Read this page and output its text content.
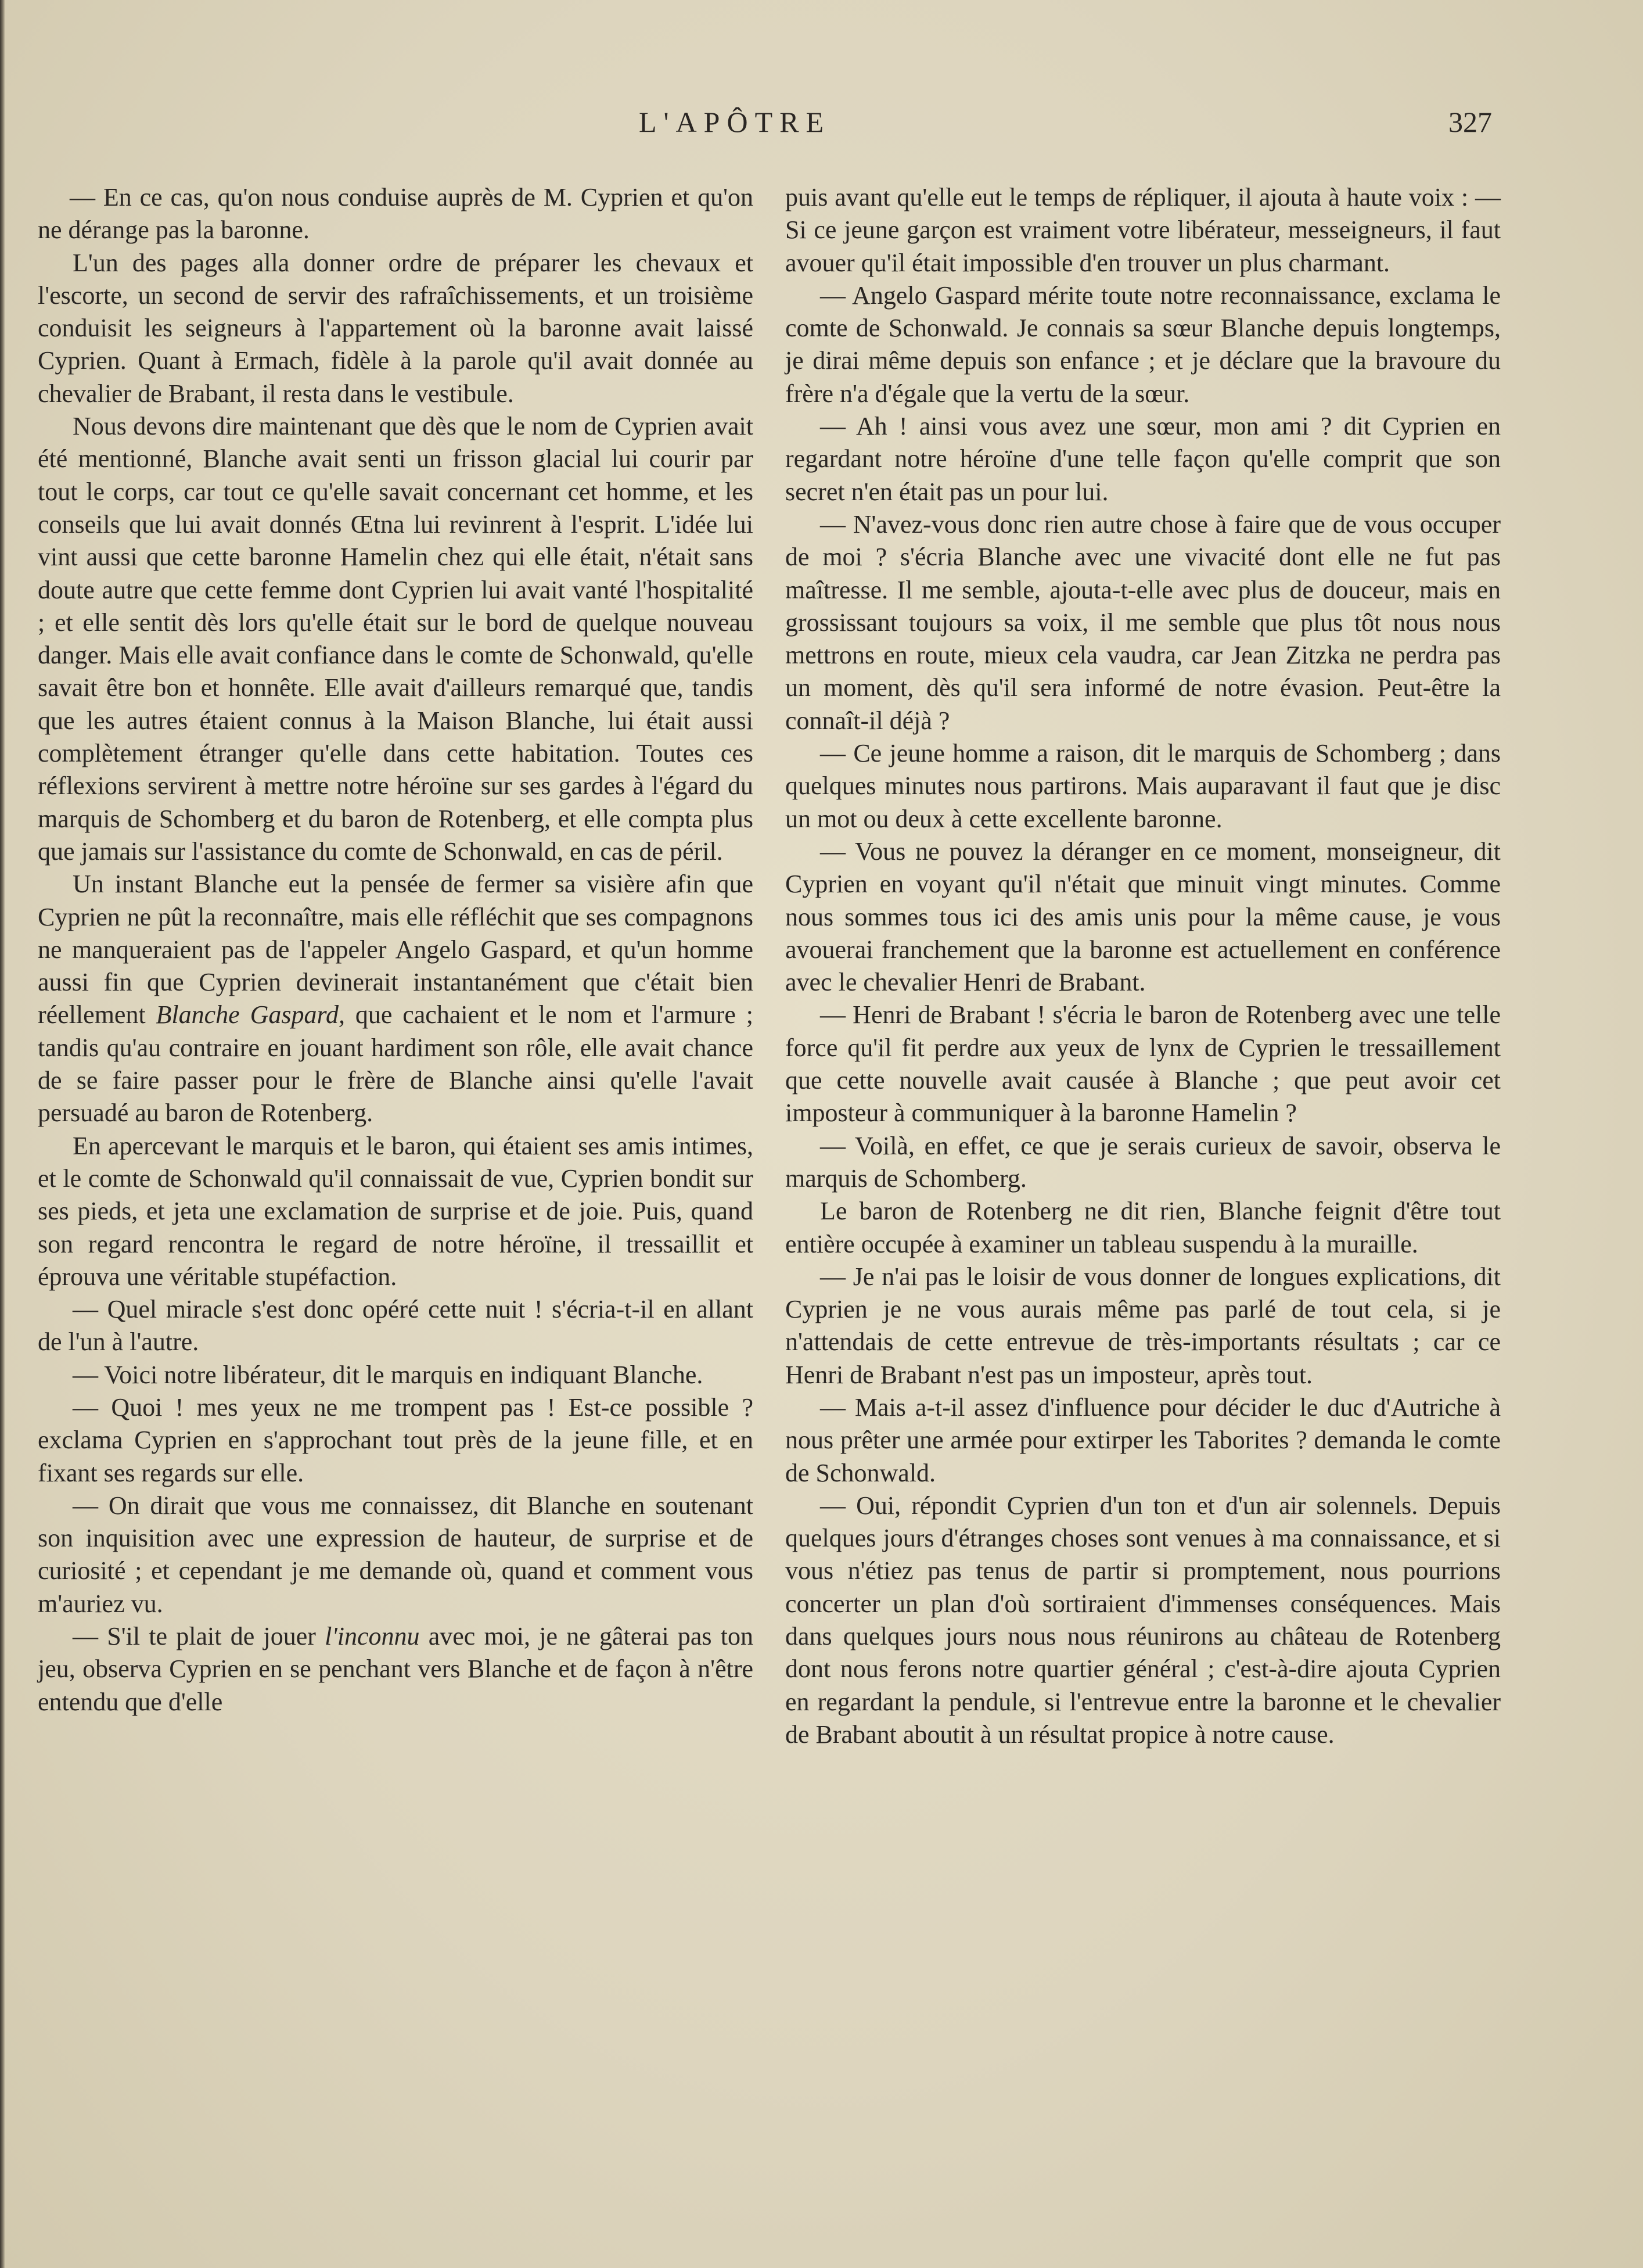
L'APÔTRE	327

— En ce cas, qu'on nous conduise auprès de M. Cyprien et qu'on ne dérange pas la baronne.

L'un des pages alla donner ordre de préparer les chevaux et l'escorte, un second de servir des rafraîchissements, et un troisième conduisit les seigneurs à l'appartement où la baronne avait laissé Cyprien. Quant à Ermach, fidèle à la parole qu'il avait donnée au chevalier de Brabant, il resta dans le vestibule.

Nous devons dire maintenant que dès que le nom de Cyprien avait été mentionné, Blanche avait senti un frisson glacial lui courir par tout le corps, car tout ce qu'elle savait concernant cet homme, et les conseils que lui avait donnés Œtna lui revinrent à l'esprit. L'idée lui vint aussi que cette baronne Hamelin chez qui elle était, n'était sans doute autre que cette femme dont Cyprien lui avait vanté l'hospitalité ; et elle sentit dès lors qu'elle était sur le bord de quelque nouveau danger. Mais elle avait confiance dans le comte de Schonwald, qu'elle savait être bon et honnête. Elle avait d'ailleurs remarqué que, tandis que les autres étaient connus à la Maison Blanche, lui était aussi complètement étranger qu'elle dans cette habitation. Toutes ces réflexions servirent à mettre notre héroïne sur ses gardes à l'égard du marquis de Schomberg et du baron de Rotenberg, et elle compta plus que jamais sur l'assistance du comte de Schonwald, en cas de péril.

Un instant Blanche eut la pensée de fermer sa visière afin que Cyprien ne pût la reconnaître, mais elle réfléchit que ses compagnons ne manqueraient pas de l'appeler Angelo Gaspard, et qu'un homme aussi fin que Cyprien devinerait instantanément que c'était bien réellement Blanche Gaspard, que cachaient et le nom et l'armure ; tandis qu'au contraire en jouant hardiment son rôle, elle avait chance de se faire passer pour le frère de Blanche ainsi qu'elle l'avait persuadé au baron de Rotenberg.

En apercevant le marquis et le baron, qui étaient ses amis intimes, et le comte de Schonwald qu'il connaissait de vue, Cyprien bondit sur ses pieds, et jeta une exclamation de surprise et de joie. Puis, quand son regard rencontra le regard de notre héroïne, il tressaillit et éprouva une véritable stupéfaction.

— Quel miracle s'est donc opéré cette nuit ! s'écria-t-il en allant de l'un à l'autre.

— Voici notre libérateur, dit le marquis en indiquant Blanche.

— Quoi ! mes yeux ne me trompent pas ! Est-ce possible ? exclama Cyprien en s'approchant tout près de la jeune fille, et en fixant ses regards sur elle.

— On dirait que vous me connaissez, dit Blanche en soutenant son inquisition avec une expression de hauteur, de surprise et de curiosité ; et cependant je me demande où, quand et comment vous m'auriez vu.

— S'il te plait de jouer l'inconnu avec moi, je ne gâterai pas ton jeu, observa Cyprien en se penchant vers Blanche et de façon à n'être entendu que d'elle

puis avant qu'elle eut le temps de répliquer, il ajouta à haute voix : — Si ce jeune garçon est vraiment votre libérateur, messeigneurs, il faut avouer qu'il était impossible d'en trouver un plus charmant.

— Angelo Gaspard mérite toute notre reconnaissance, exclama le comte de Schonwald. Je connais sa sœur Blanche depuis longtemps, je dirai même depuis son enfance ; et je déclare que la bravoure du frère n'a d'égale que la vertu de la sœur.

— Ah ! ainsi vous avez une sœur, mon ami ? dit Cyprien en regardant notre héroïne d'une telle façon qu'elle comprit que son secret n'en était pas un pour lui.

— N'avez-vous donc rien autre chose à faire que de vous occuper de moi ? s'écria Blanche avec une vivacité dont elle ne fut pas maîtresse. Il me semble, ajouta-t-elle avec plus de douceur, mais en grossissant toujours sa voix, il me semble que plus tôt nous nous mettrons en route, mieux cela vaudra, car Jean Zitzka ne perdra pas un moment, dès qu'il sera informé de notre évasion. Peut-être la connaît-il déjà ?

— Ce jeune homme a raison, dit le marquis de Schomberg ; dans quelques minutes nous partirons. Mais auparavant il faut que je disc un mot ou deux à cette excellente baronne.

— Vous ne pouvez la déranger en ce moment, monseigneur, dit Cyprien en voyant qu'il n'était que minuit vingt minutes. Comme nous sommes tous ici des amis unis pour la même cause, je vous avouerai franchement que la baronne est actuellement en conférence avec le chevalier Henri de Brabant.

— Henri de Brabant ! s'écria le baron de Rotenberg avec une telle force qu'il fit perdre aux yeux de lynx de Cyprien le tressaillement que cette nouvelle avait causée à Blanche ; que peut avoir cet imposteur à communiquer à la baronne Hamelin ?

— Voilà, en effet, ce que je serais curieux de savoir, observa le marquis de Schomberg.

Le baron de Rotenberg ne dit rien, Blanche feignit d'être tout entière occupée à examiner un tableau suspendu à la muraille.

— Je n'ai pas le loisir de vous donner de longues explications, dit Cyprien je ne vous aurais même pas parlé de tout cela, si je n'attendais de cette entrevue de très-importants résultats ; car ce Henri de Brabant n'est pas un imposteur, après tout.

— Mais a-t-il assez d'influence pour décider le duc d'Autriche à nous prêter une armée pour extirper les Taborites ? demanda le comte de Schonwald.

— Oui, répondit Cyprien d'un ton et d'un air solennels. Depuis quelques jours d'étranges choses sont venues à ma connaissance, et si vous n'étiez pas tenus de partir si promptement, nous pourrions concerter un plan d'où sortiraient d'immenses conséquences. Mais dans quelques jours nous nous réunirons au château de Rotenberg dont nous ferons notre quartier général ; c'est-à-dire ajouta Cyprien en regardant la pendule, si l'entrevue entre la baronne et le chevalier de Brabant aboutit à un résultat propice à notre cause.
